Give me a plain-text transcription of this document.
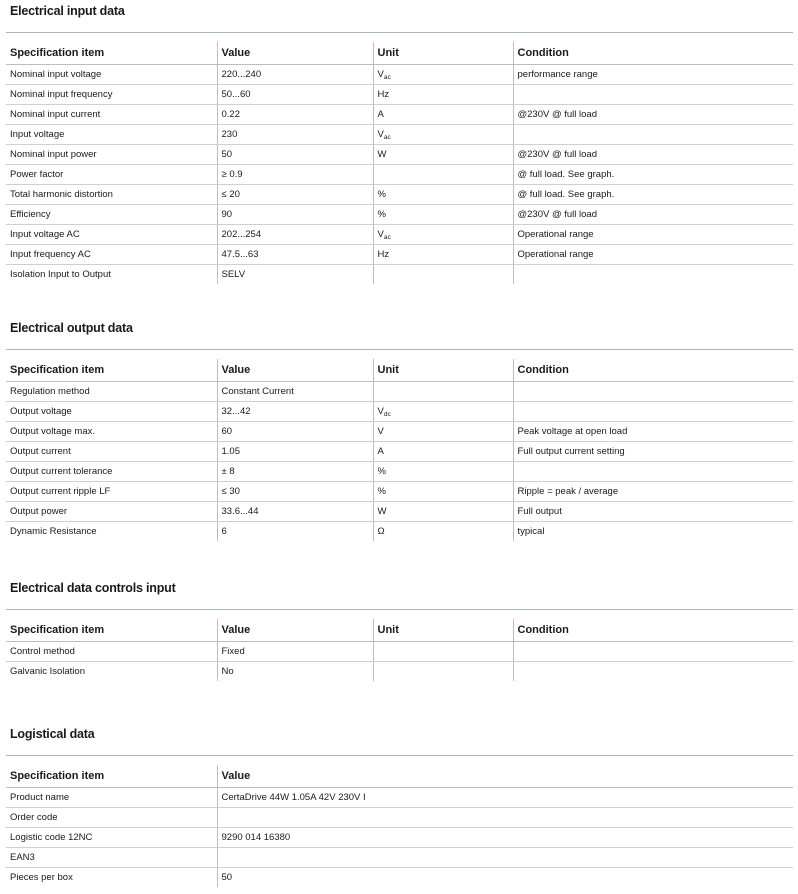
Electrical input data
Specification item	Value	Unit	Condition
Nominal input voltage	220...240	$V_{ac}$	performance range
Nominal input frequency	50...60	Hz	
Nominal input current	0.22	A	@230V @ full load
Input voltage	230	$V_{ac}$	
Nominal input power	50	W	@230V @ full load
Power factor	≥ 0.9		@ full load. See graph.
Total harmonic distortion	≤ 20	%	@ full load. See graph.
Efficiency	90	%	@230V @ full load
Input voltage AC	202...254	$V_{ac}$	Operational range
Input frequency AC	47.5...63	Hz	Operational range
Isolation Input to Output	SELV		
Electrical output data
Specification item	Value	Unit	Condition
Regulation method	Constant Current		
Output voltage	32...42	$V_{dc}$	
Output voltage max.	60	V	Peak voltage at open load
Output current	1.05	A	Full output current setting
Output current tolerance	± 8	%	
Output current ripple LF	≤ 30	%	Ripple = peak / average
Output power	33.6...44	W	Full output
Dynamic Resistance	6	Ω	typical
Electrical data controls input
Specification item	Value	Unit	Condition
Control method	Fixed		
Galvanic Isolation	No		
Logistical data
Specification item	Value
Product name	CertaDrive 44W 1.05A 42V 230V I
Order code	
Logistic code 12NC	9290 014 16380
EAN3	
Pieces per box	50
